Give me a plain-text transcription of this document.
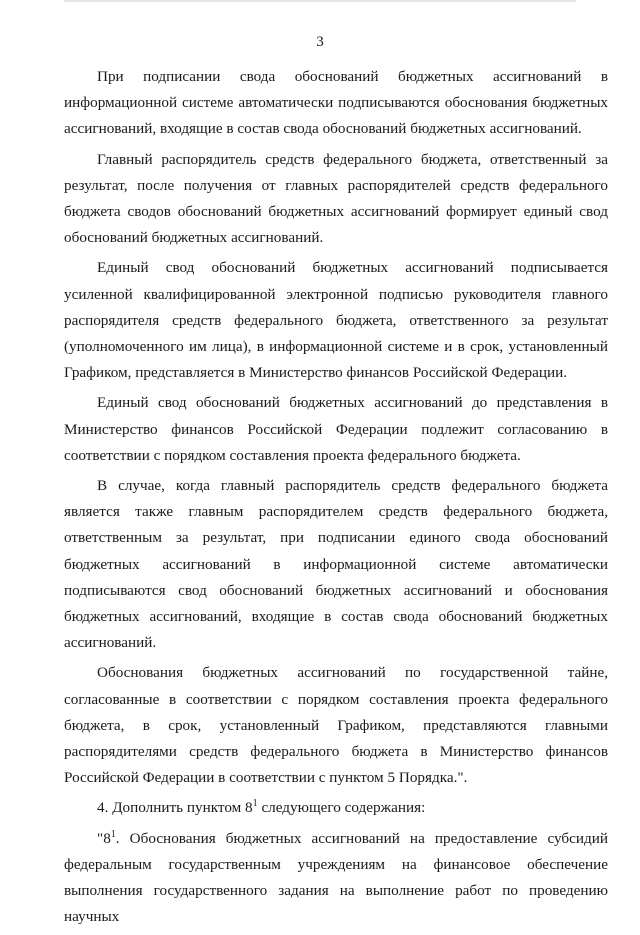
3

При подписании свода обоснований бюджетных ассигнований в информационной системе автоматически подписываются обоснования бюджетных ассигнований, входящие в состав свода обоснований бюджетных ассигнований.

Главный распорядитель средств федерального бюджета, ответственный за результат, после получения от главных распорядителей средств федерального бюджета сводов обоснований бюджетных ассигнований формирует единый свод обоснований бюджетных ассигнований.

Единый свод обоснований бюджетных ассигнований подписывается усиленной квалифицированной электронной подписью руководителя главного распорядителя средств федерального бюджета, ответственного за результат (уполномоченного им лица), в информационной системе и в срок, установленный Графиком, представляется в Министерство финансов Российской Федерации.

Единый свод обоснований бюджетных ассигнований до представления в Министерство финансов Российской Федерации подлежит согласованию в соответствии с порядком составления проекта федерального бюджета.

В случае, когда главный распорядитель средств федерального бюджета является также главным распорядителем средств федерального бюджета, ответственным за результат, при подписании единого свода обоснований бюджетных ассигнований в информационной системе автоматически подписываются свод обоснований бюджетных ассигнований и обоснования бюджетных ассигнований, входящие в состав свода обоснований бюджетных ассигнований.

Обоснования бюджетных ассигнований по государственной тайне, согласованные в соответствии с порядком составления проекта федерального бюджета, в срок, установленный Графиком, представляются главными распорядителями средств федерального бюджета в Министерство финансов Российской Федерации в соответствии с пунктом 5 Порядка.".

4. Дополнить пунктом $8^1$ следующего содержания:

"$8^1$. Обоснования бюджетных ассигнований на предоставление субсидий федеральным государственным учреждениям на финансовое обеспечение выполнения государственного задания на выполнение работ по проведению научных
